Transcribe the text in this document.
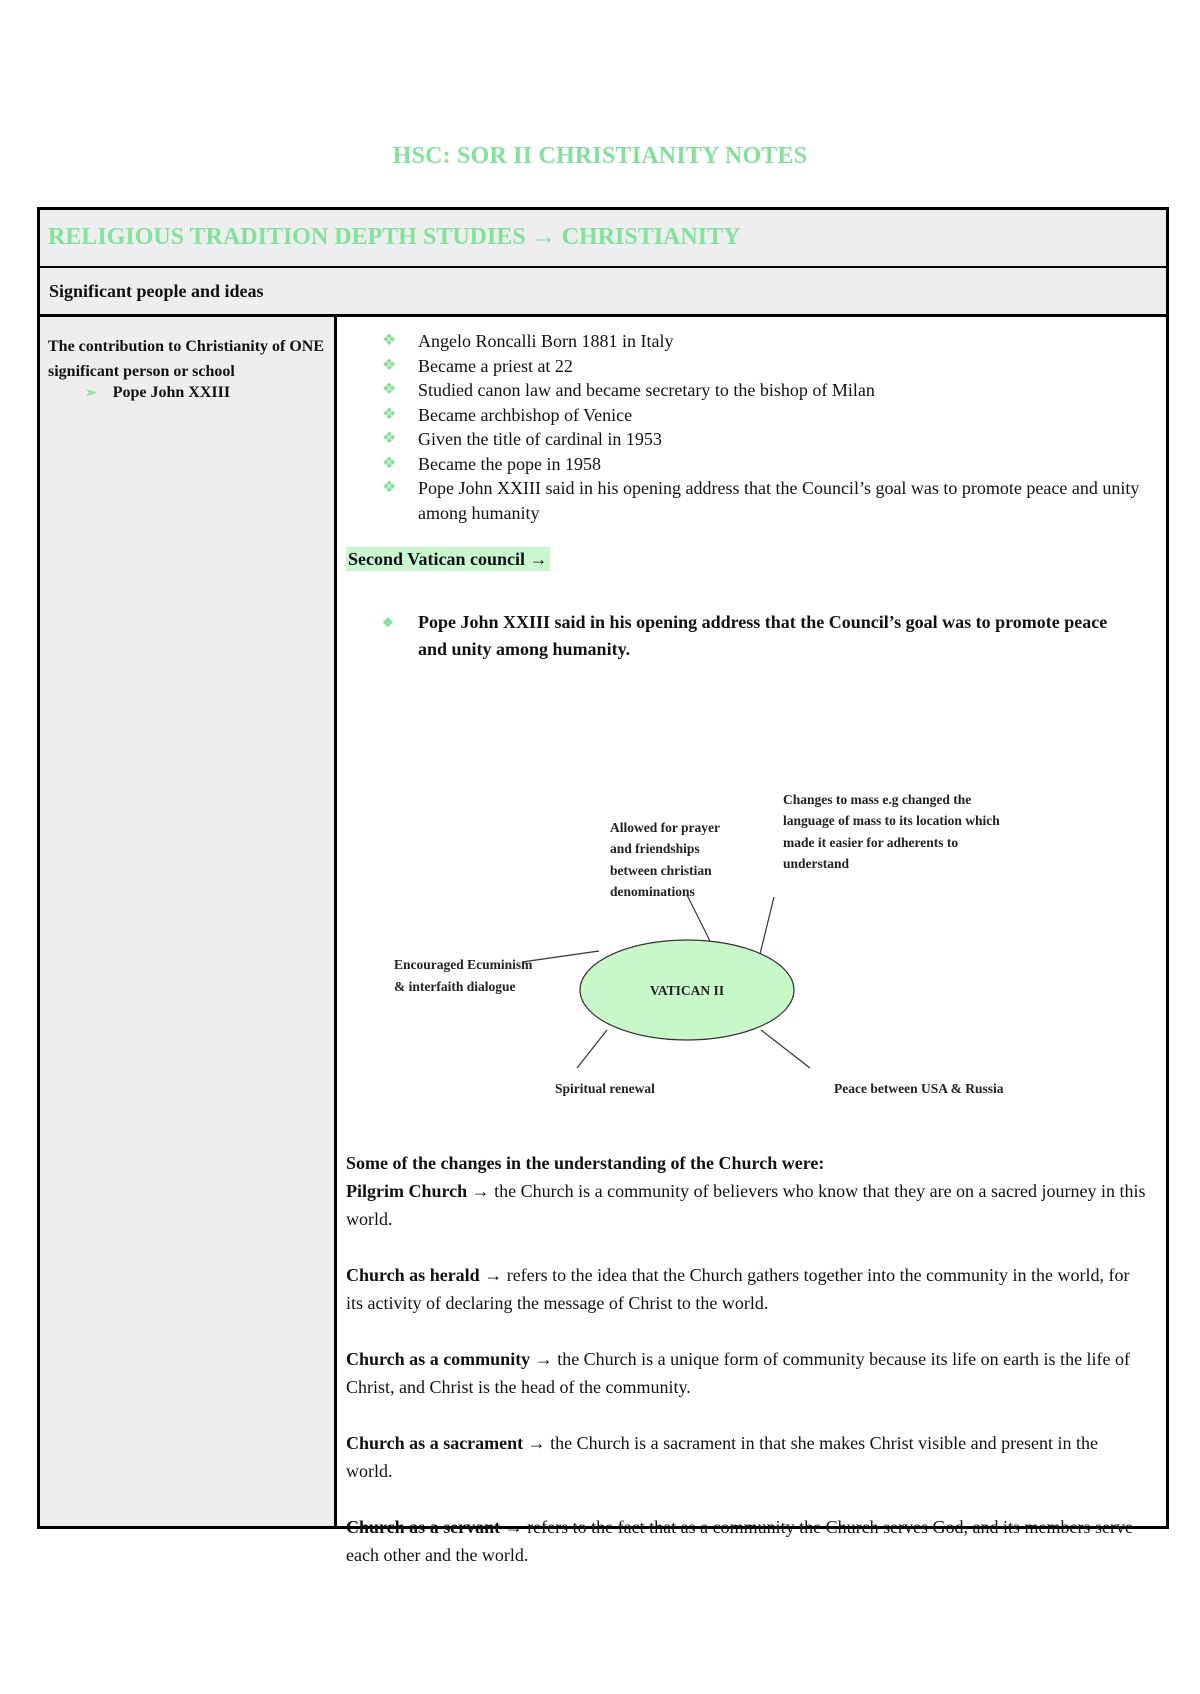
HSC: SOR II CHRISTIANITY NOTES
RELIGIOUS TRADITION DEPTH STUDIES → CHRISTIANITY
Significant people and ideas
The contribution to Christianity of ONE significant person or school
➢ Pope John XXIII
❖ Angelo Roncalli Born 1881 in Italy
❖ Became a priest at 22
❖ Studied canon law and became secretary to the bishop of Milan
❖ Became archbishop of Venice
❖ Given the title of cardinal in 1953
❖ Became the pope in 1958
❖ Pope John XXIII said in his opening address that the Council’s goal was to promote peace and unity among humanity
Second Vatican council →
❖ Pope John XXIII said in his opening address that the Council’s goal was to promote peace and unity among humanity.
VATICAN II
Allowed for prayer
and friendships
between christian
denominations
Changes to mass e.g changed the
language of mass to its location which
made it easier for adherents to
understand
Encouraged Ecuminism
& interfaith dialogue
Spiritual renewal	Peace between USA & Russia

Some of the changes in the understanding of the Church were:

Pilgrim Church → the Church is a community of believers who know that they are on a sacred journey in this world.

Church as herald → refers to the idea that the Church gathers together into the community in the world, for its activity of declaring the message of Christ to the world.

Church as a community → the Church is a unique form of community because its life on earth is the life of Christ, and Christ is the head of the community.

Church as a sacrament → the Church is a sacrament in that she makes Christ visible and present in the world.

Church as a servant → refers to the fact that as a community the Church serves God, and its members serve each other and the world.
